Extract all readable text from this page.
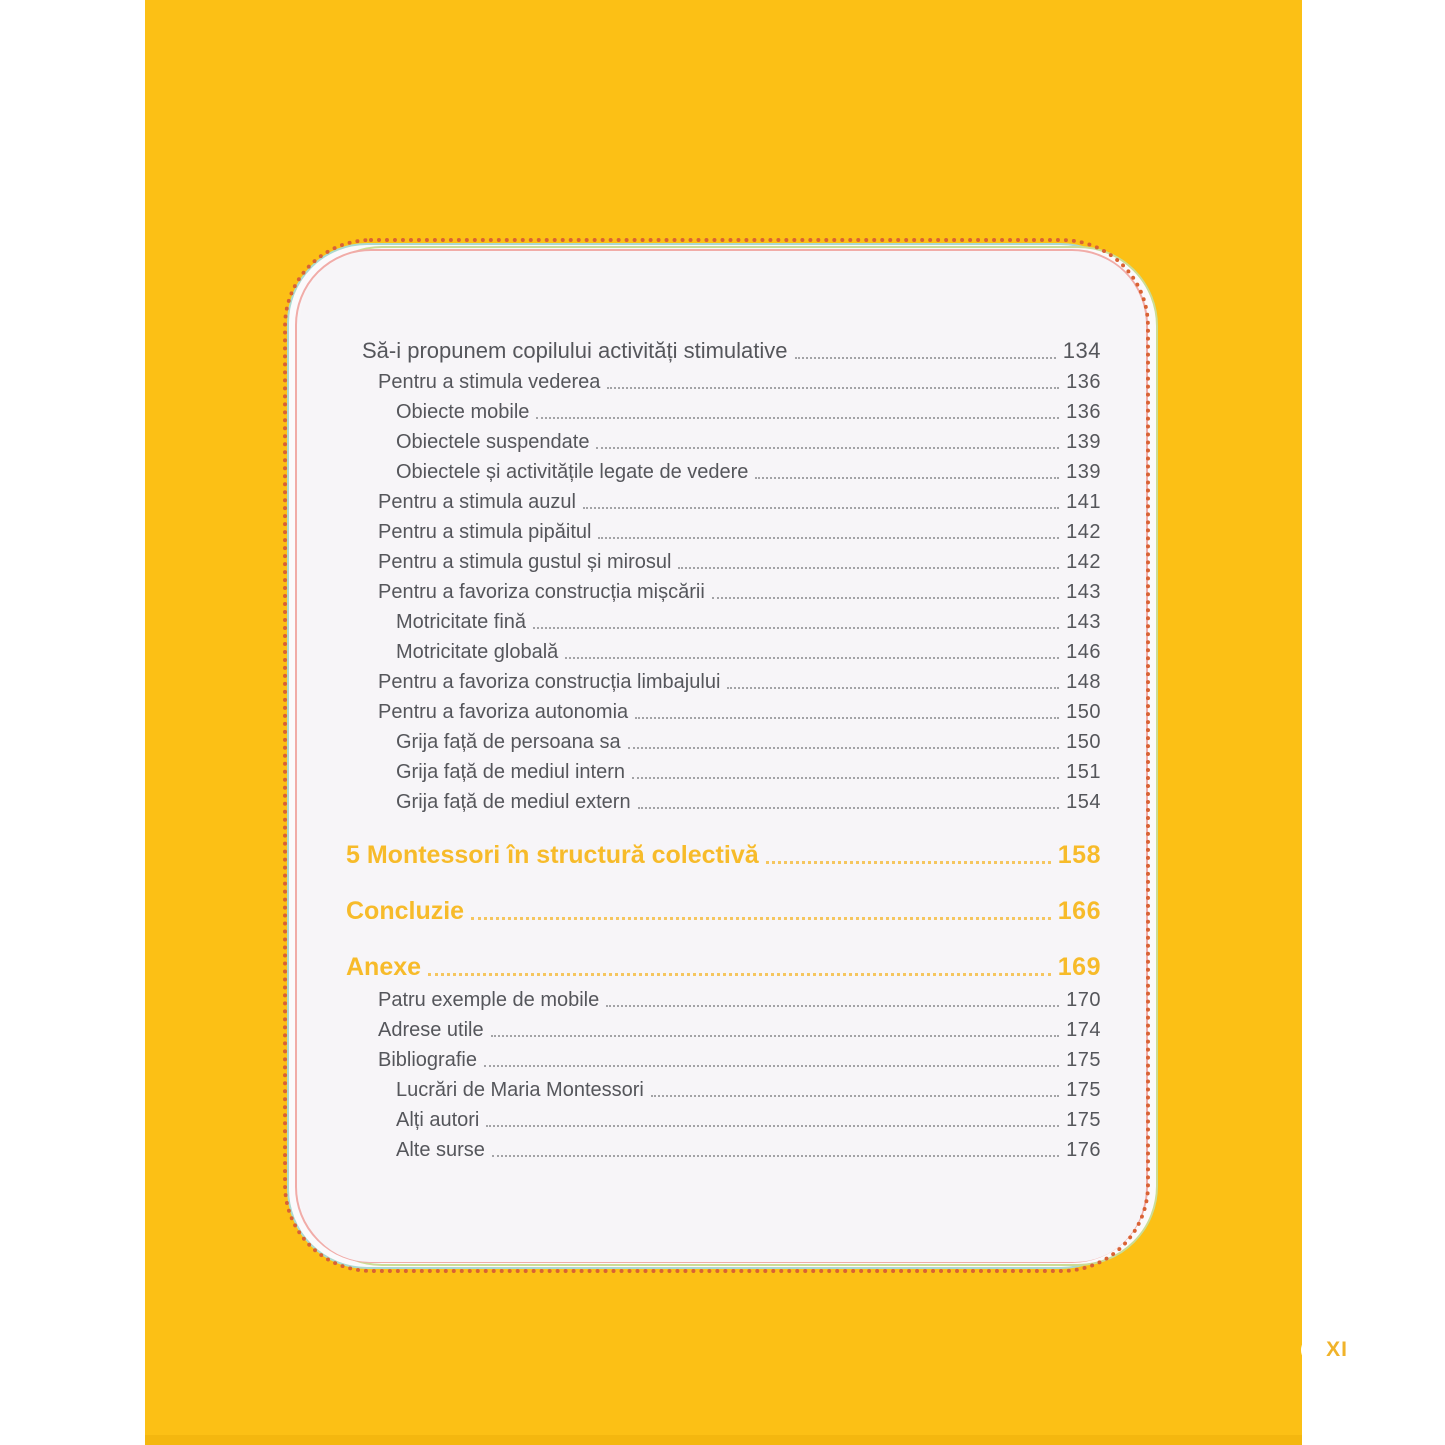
Să-i propunem copilului activități stimulative	134
Pentru a stimula vederea	136
Obiecte mobile	136
Obiectele suspendate	139
Obiectele și activitățile legate de vedere	139
Pentru a stimula auzul	141
Pentru a stimula pipăitul	142
Pentru a stimula gustul și mirosul	142
Pentru a favoriza construcția mișcării	143
Motricitate fină	143
Motricitate globală	146
Pentru a favoriza construcția limbajului	148
Pentru a favoriza autonomia	150
Grija față de persoana sa	150
Grija față de mediul intern	151
Grija față de mediul extern	154
5 Montessori în structură colectivă	158
Concluzie	166
Anexe	169
Patru exemple de mobile	170
Adrese utile	174
Bibliografie	175
Lucrări de Maria Montessori	175
Alți autori	175
Alte surse	176
XI
